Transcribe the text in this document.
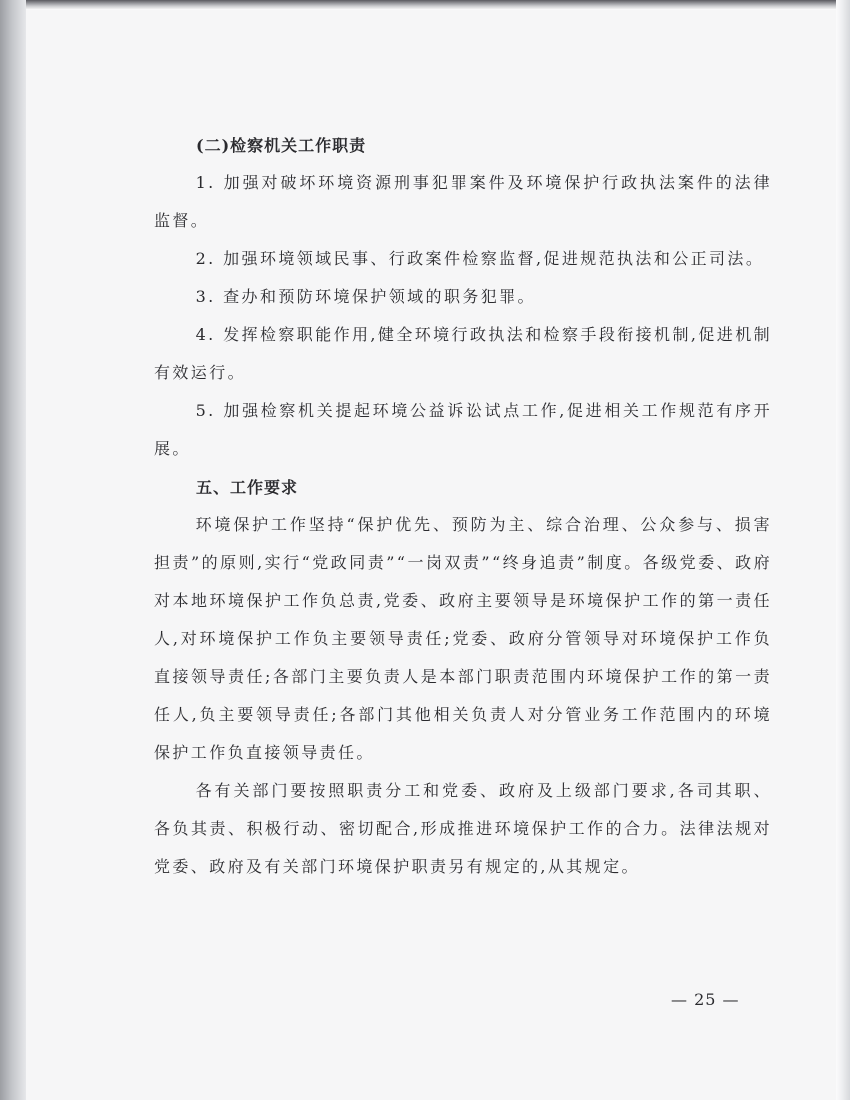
(二)检察机关工作职责

1. 加强对破坏环境资源刑事犯罪案件及环境保护行政执法案件的法律监督。

2. 加强环境领域民事、行政案件检察监督,促进规范执法和公正司法。

3. 查办和预防环境保护领域的职务犯罪。

4. 发挥检察职能作用,健全环境行政执法和检察手段衔接机制,促进机制有效运行。

5. 加强检察机关提起环境公益诉讼试点工作,促进相关工作规范有序开展。

五、工作要求

环境保护工作坚持“保护优先、预防为主、综合治理、公众参与、损害担责”的原则,实行“党政同责”“一岗双责”“终身追责”制度。各级党委、政府对本地环境保护工作负总责,党委、政府主要领导是环境保护工作的第一责任人,对环境保护工作负主要领导责任;党委、政府分管领导对环境保护工作负直接领导责任;各部门主要负责人是本部门职责范围内环境保护工作的第一责任人,负主要领导责任;各部门其他相关负责人对分管业务工作范围内的环境保护工作负直接领导责任。

各有关部门要按照职责分工和党委、政府及上级部门要求,各司其职、各负其责、积极行动、密切配合,形成推进环境保护工作的合力。法律法规对党委、政府及有关部门环境保护职责另有规定的,从其规定。

— 25 —
